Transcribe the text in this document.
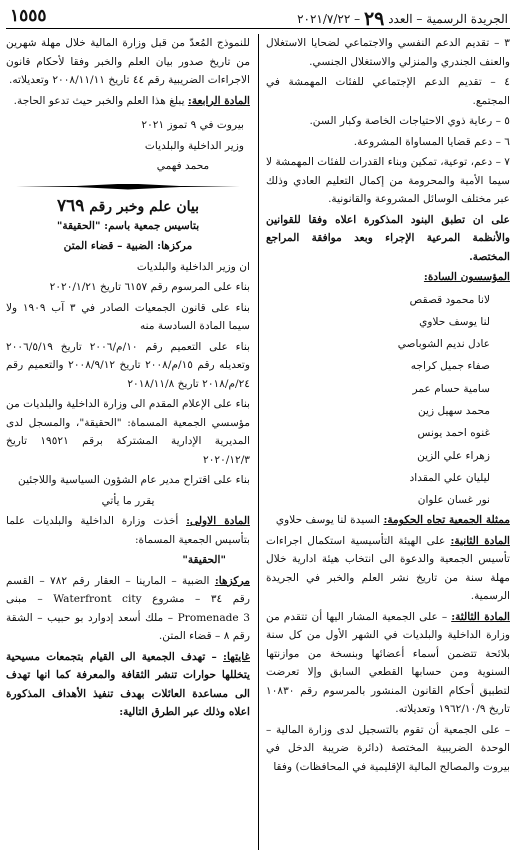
الجريدة الرسمية – العدد ٢٩ – ٢٠٢١/٧/٢٢
١٥٥٥

٣ – تقديم الدعم النفسي والاجتماعي لضحايا الاستغلال والعنف الجندري والمنزلي والاستغلال الجنسي.

٤ – تقديم الدعم الإجتماعي للفئات المهمشة في المجتمع.

٥ – رعاية ذوي الاحتياجات الخاصة وكبار السن.

٦ – دعم قضايا المساواة المشروعة.

٧ – دعم، توعية، تمكين وبناء القدرات للفئات المهمشة لا سيما الأمية والمحرومة من إكمال التعليم العادي وذلك عبر مختلف الوسائل المشروعة والقانونية.

على ان تطبق البنود المذكورة اعلاه وفقا للقوانين والأنظمة المرعية الإجراء وبعد موافقة المراجع المختصة.

المؤسسون السادة:

لانا محمود قصقص

لنا يوسف حلاوي

عادل نديم الشوباصي

صفاء جميل كراجه

سامية حسام عمر

محمد سهيل زين

غنوه احمد يونس

زهراء علي الزين

ليليان علي المقداد

نور غسان علوان

ممثلة الجمعية تجاه الحكومة: السيدة لنا يوسف حلاوي

المادة الثانية: على الهيئة التأسيسية استكمال اجراءات تأسيس الجمعية والدعوة الى انتخاب هيئة ادارية خلال مهلة سنة من تاريخ نشر العلم والخبر في الجريدة الرسمية.

المادة الثالثة: – على الجمعية المشار اليها أن تتقدم من وزارة الداخلية والبلديات في الشهر الأول من كل سنة بلائحة تتضمن أسماء أعضائها وبنسخة من موازنتها السنوية ومن حسابها القطعي السابق وإلا تعرضت لتطبيق أحكام القانون المنشور بالمرسوم رقم ١٠٨٣٠ تاريخ ١٩٦٢/١٠/٩ وتعديلاته.

– على الجمعية أن تقوم بالتسجيل لدى وزارة المالية – الوحدة الضريبية المختصة (دائرة ضريبة الدخل في بيروت والمصالح المالية الإقليمية في المحافظات) وفقا

للنموذج المُعدّ من قبل وزارة المالية خلال مهلة شهرين من تاريخ صدور بيان العلم والخبر وفقا لأحكام قانون الاجراءات الضريبية رقم ٤٤ تاريخ ٢٠٠٨/١١/١١ وتعديلاته.

المادة الرابعة: يبلغ هذا العلم والخبر حيث تدعو الحاجة.

بيروت في ٩ تموز ٢٠٢١

وزير الداخلية والبلديات

محمد فهمي

بيان علم وخبر رقم ٧٦٩

بتاسيس جمعية باسم: "الحقيقة"

مركزها: الضبية – قضاء المتن

ان وزير الداخلية والبلديات

بناء على المرسوم رقم ٦١٥٧ تاريخ ٢٠٢٠/١/٢١

بناء على قانون الجمعيات الصادر في ٣ آب ١٩٠٩ ولا سيما المادة السادسة منه

بناء على التعميم رقم ١٠/م/٢٠٠٦ تاريخ ٢٠٠٦/٥/١٩ وتعديله رقم ١٥/م/٢٠٠٨ تاريخ ٢٠٠٨/٩/١٢ والتعميم رقم ٢٤/م/٢٠١٨ تاريخ ٢٠١٨/١١/٨

بناء على الإعلام المقدم الى وزارة الداخلية والبلديات من مؤسسي الجمعية المسماة: "الحقيقة"، والمسجل لدى المديرية الإدارية المشتركة برقم ١٩٥٢١ تاريخ ٢٠٢٠/١٢/٣

بناء على اقتراح مدير عام الشؤون السياسية واللاجئين

يقرر ما يأتي

المادة الاولى: أخذت وزارة الداخلية والبلديات علما بتأسيس الجمعية المسماة:

"الحقيقة"

مركزها: الضبية – المارينا – العقار رقم ٧٨٢ – القسم رقم ٣٤ – مشروع Waterfront city – مبنى Promenade 3 – ملك أسعد إدوارد بو حبيب – الشقة رقم ٨ – قضاء المتن.

غايتها: – تهدف الجمعية الى القيام بتجمعات مسيحية يتخللها حوارات تنشر الثقافة والمعرفة كما انها تهدف الى مساعدة العائلات بهدف تنفيذ الأهداف المذكورة اعلاه وذلك عبر الطرق التالية:
